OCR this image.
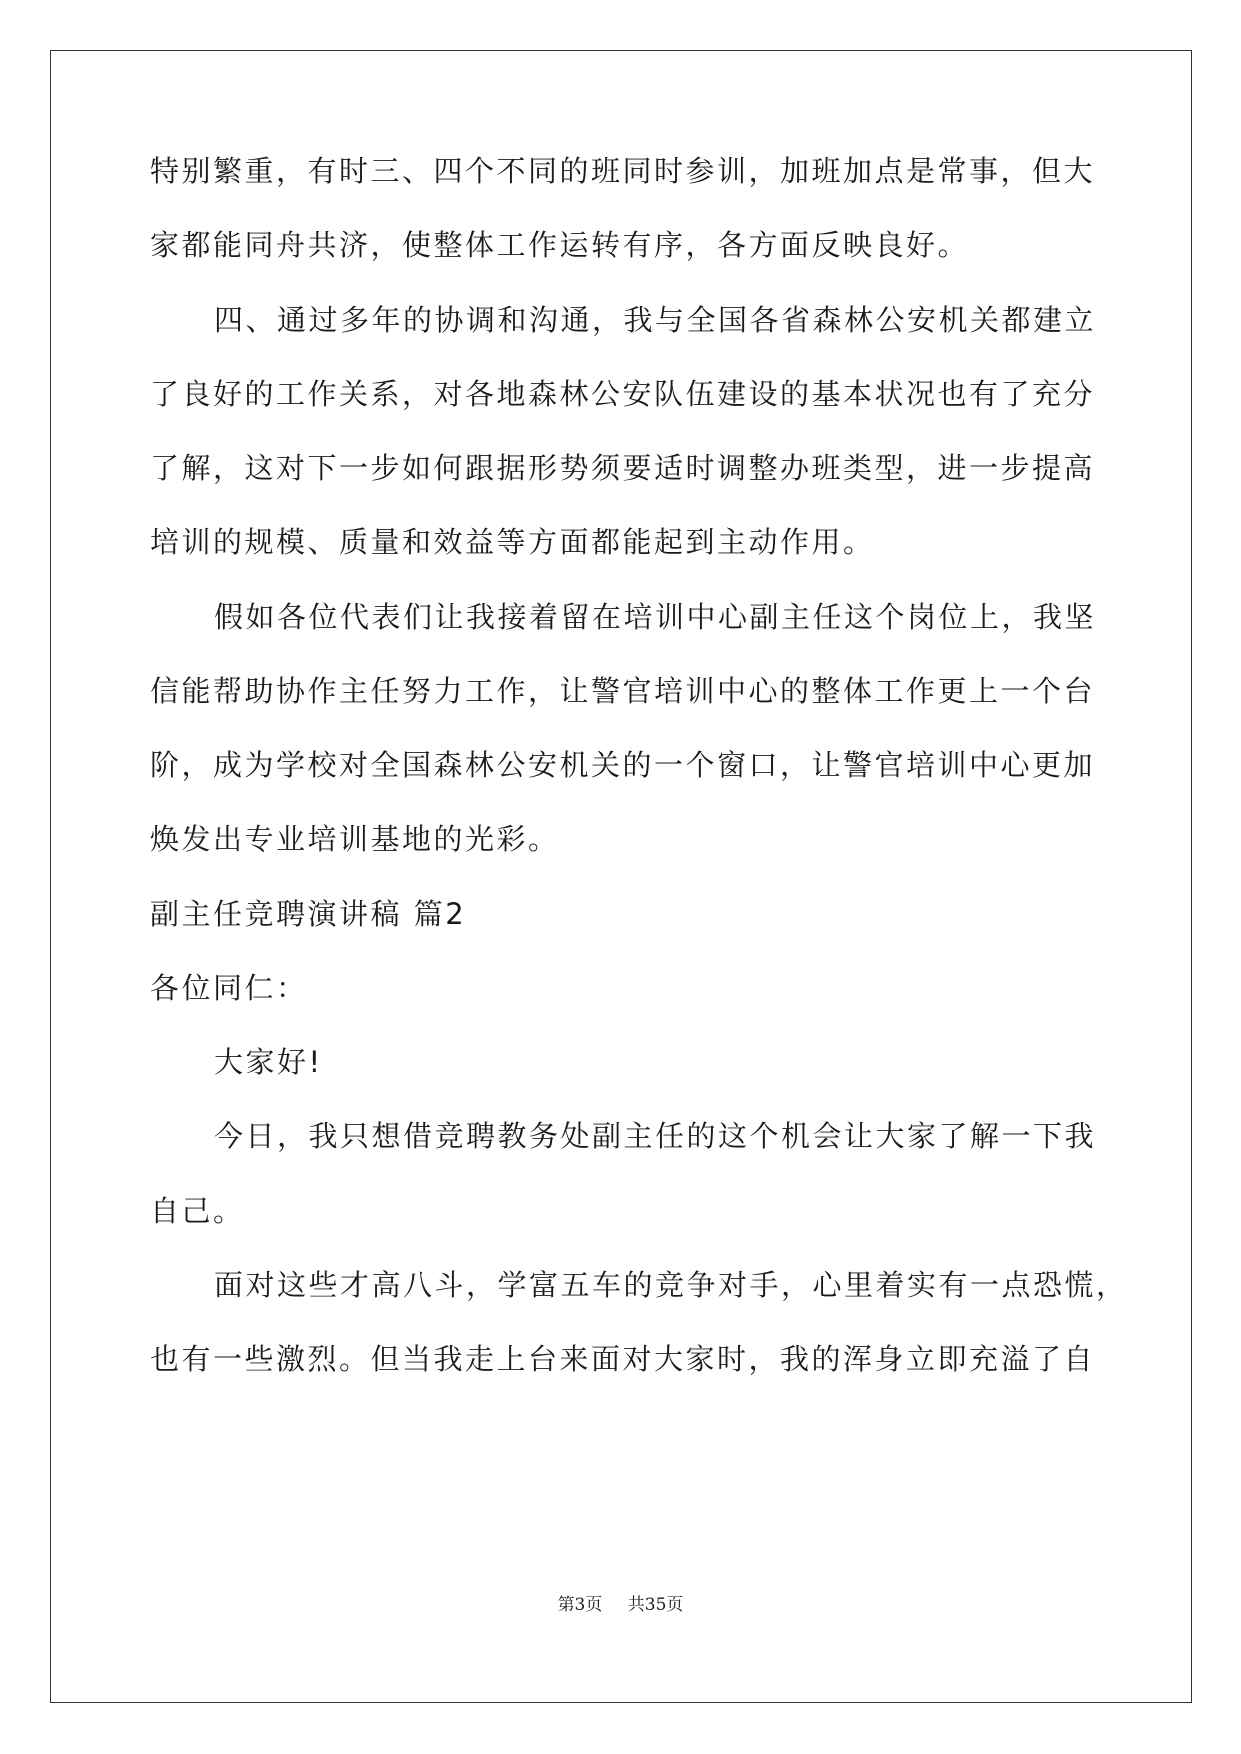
特别繁重，有时三、四个不同的班同时参训，加班加点是常事，但大
家都能同舟共济，使整体工作运转有序，各方面反映良好。
四、通过多年的协调和沟通，我与全国各省森林公安机关都建立
了良好的工作关系，对各地森林公安队伍建设的基本状况也有了充分
了解，这对下一步如何跟据形势须要适时调整办班类型，进一步提高
培训的规模、质量和效益等方面都能起到主动作用。
假如各位代表们让我接着留在培训中心副主任这个岗位上，我坚
信能帮助协作主任努力工作，让警官培训中心的整体工作更上一个台
阶，成为学校对全国森林公安机关的一个窗口，让警官培训中心更加
焕发出专业培训基地的光彩。
副主任竞聘演讲稿 篇2
各位同仁：
大家好!
今日，我只想借竞聘教务处副主任的这个机会让大家了解一下我
自己。
面对这些才高八斗，学富五车的竞争对手，心里着实有一点恐慌，
也有一些激烈。但当我走上台来面对大家时，我的浑身立即充溢了自
第3页 共35页
